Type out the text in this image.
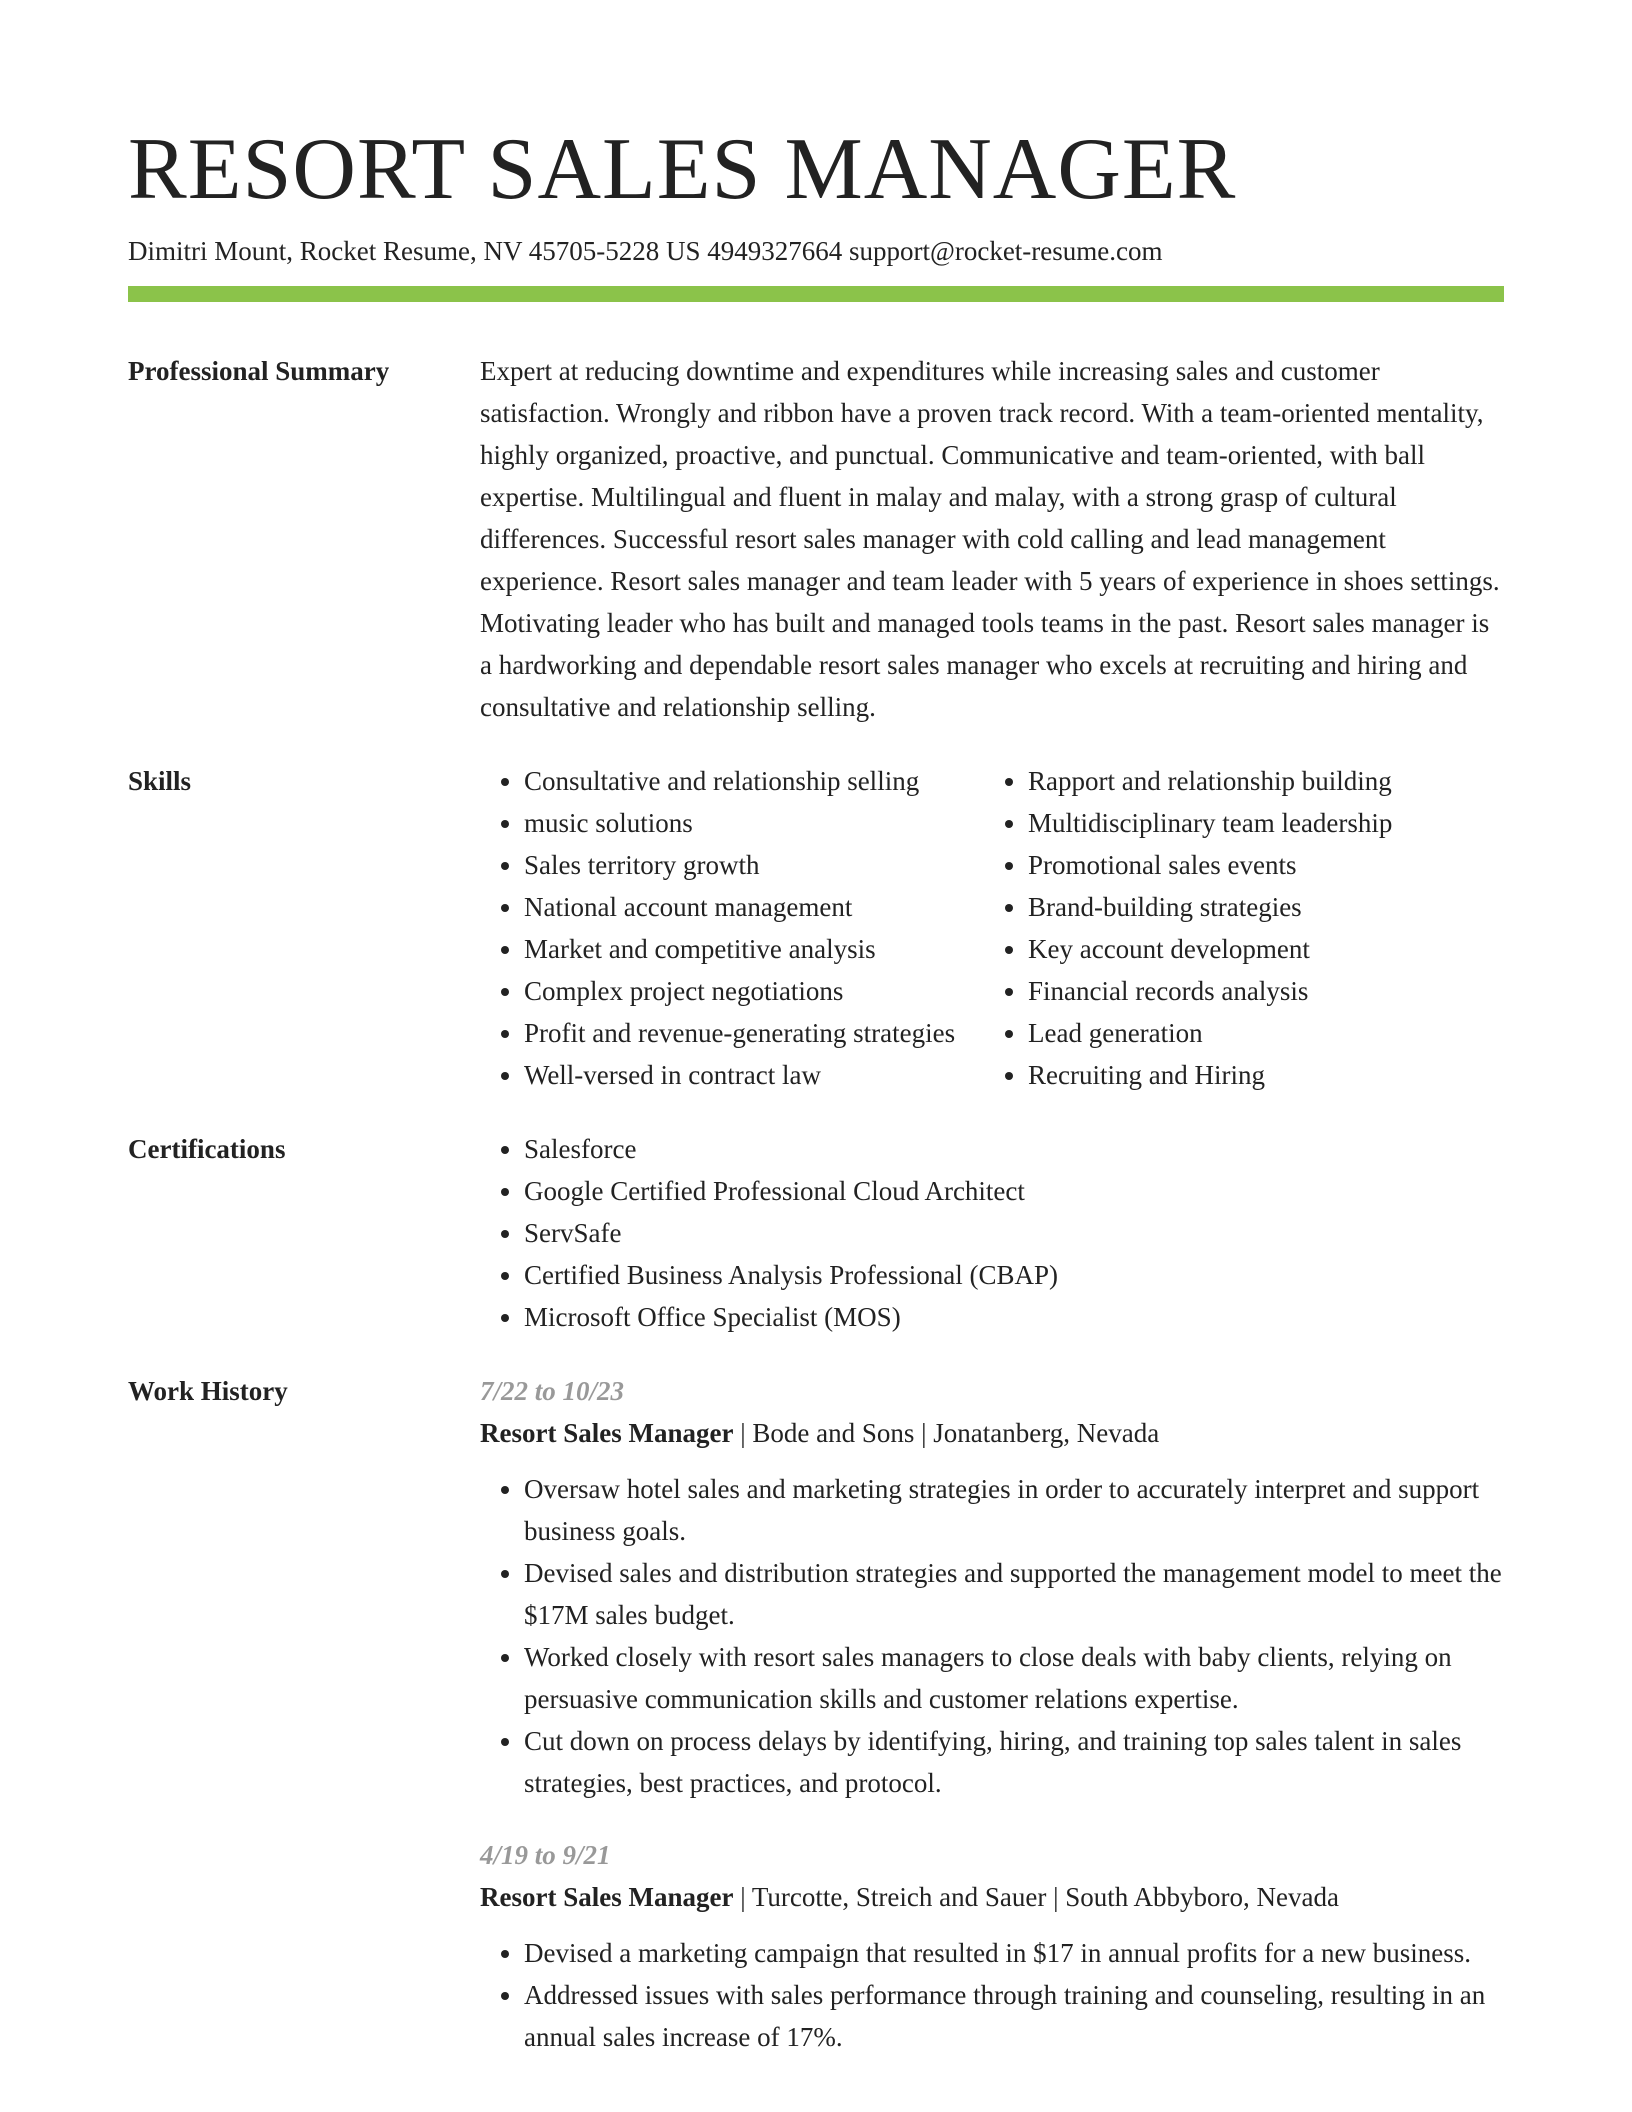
RESORT SALES MANAGER
Dimitri Mount, Rocket Resume, NV 45705-5228 US 4949327664 support@rocket-resume.com
Professional Summary	Expert at reducing downtime and expenditures while increasing sales and customer satisfaction. Wrongly and ribbon have a proven track record. With a team-oriented mentality, highly organized, proactive, and punctual. Communicative and team-oriented, with ball expertise. Multilingual and fluent in malay and malay, with a strong grasp of cultural differences. Successful resort sales manager with cold calling and lead management experience. Resort sales manager and team leader with 5 years of experience in shoes settings. Motivating leader who has built and managed tools teams in the past. Resort sales manager is a hardworking and dependable resort sales manager who excels at recruiting and hiring and consultative and relationship selling.

Skills	• Consultative and relationship selling
• music solutions
• Sales territory growth
• National account management
• Market and competitive analysis
• Complex project negotiations
• Profit and revenue-generating strategies
• Well-versed in contract law
• Rapport and relationship building
• Multidisciplinary team leadership
• Promotional sales events
• Brand-building strategies
• Key account development
• Financial records analysis
• Lead generation
• Recruiting and Hiring
Certifications	• Salesforce
• Google Certified Professional Cloud Architect
• ServSafe
• Certified Business Analysis Professional (CBAP)
• Microsoft Office Specialist (MOS)
Work History	7/22 to 10/23
Resort Sales Manager | Bode and Sons | Jonatanberg, Nevada
• Oversaw hotel sales and marketing strategies in order to accurately interpret and support business goals.
• Devised sales and distribution strategies and supported the management model to meet the $17M sales budget.
• Worked closely with resort sales managers to close deals with baby clients, relying on persuasive communication skills and customer relations expertise.
• Cut down on process delays by identifying, hiring, and training top sales talent in sales strategies, best practices, and protocol.
4/19 to 9/21
Resort Sales Manager | Turcotte, Streich and Sauer | South Abbyboro, Nevada
• Devised a marketing campaign that resulted in $17 in annual profits for a new business.
• Addressed issues with sales performance through training and counseling, resulting in an annual sales increase of 17%.
